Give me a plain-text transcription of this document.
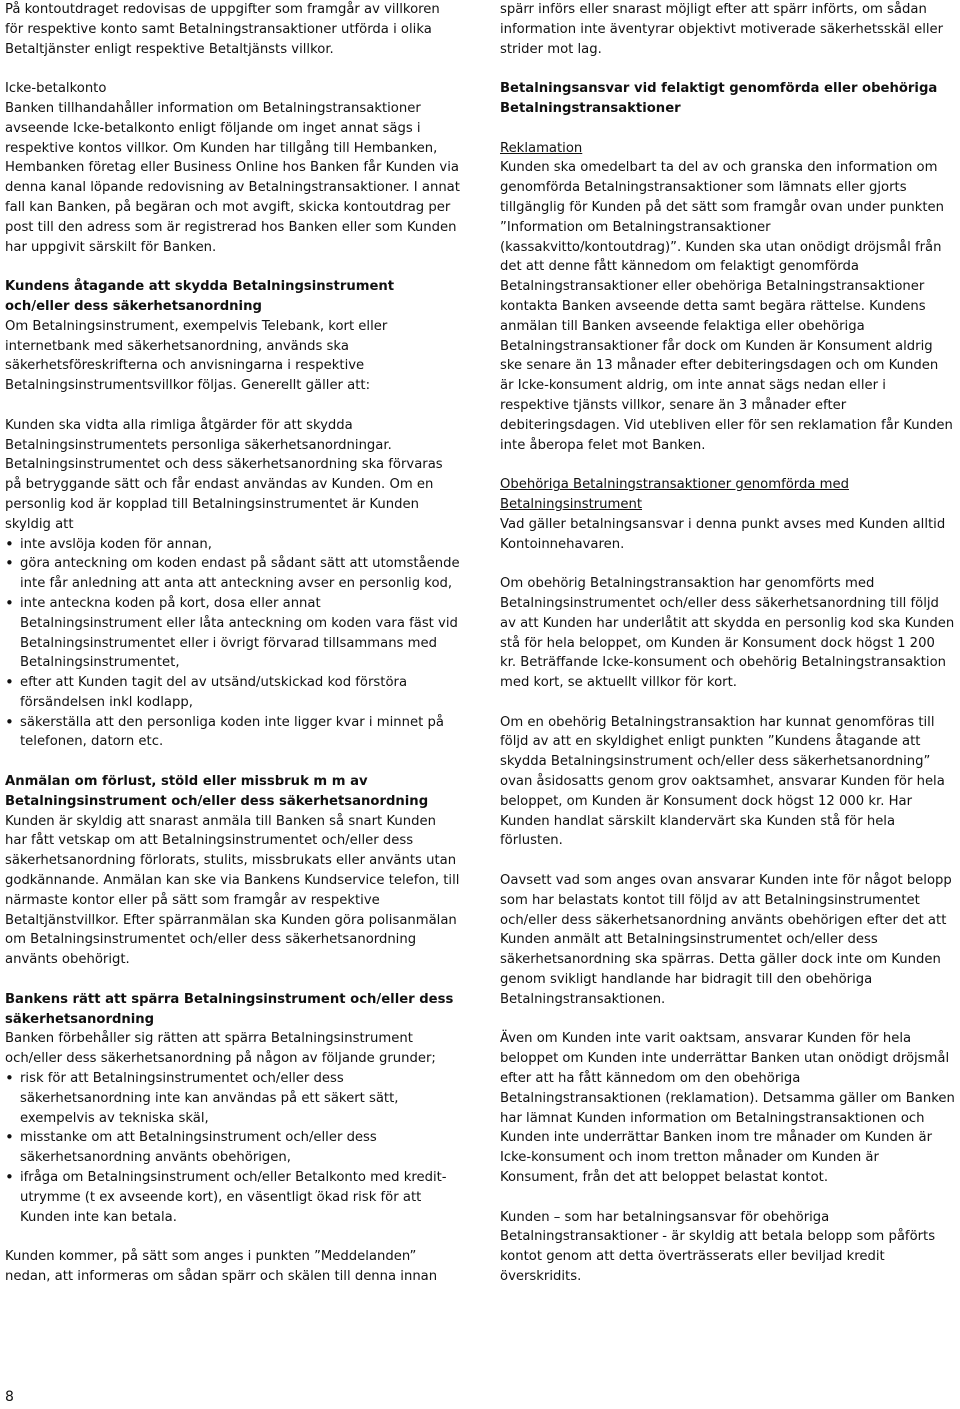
På kontoutdraget redovisas de uppgifter som framgår av villkoren för respektive konto samt Betalningstransaktioner utförda i olika Betaltjänster enligt respektive Betaltjänsts villkor.

Icke-betalkonto
Banken tillhandahåller information om Betalningstransaktioner avseende Icke-betalkonto enligt följande om inget annat sägs i respektive kontos villkor. Om Kunden har tillgång till Hembanken, Hembanken företag eller Business Online hos Banken får Kunden via denna kanal löpande redovisning av Betalningstransaktioner. I annat fall kan Banken, på begäran och mot avgift, skicka kontoutdrag per post till den adress som är registrerad hos Banken eller som Kunden har uppgivit särskilt för Banken.

Kundens åtagande att skydda Betalningsinstrument och/eller dess säkerhetsanordning
Om Betalningsinstrument, exempelvis Telebank, kort eller internetbank med säkerhetsanordning, används ska säkerhetsföreskrifterna och anvisningarna i respektive Betalningsinstrumentsvillkor följas. Generellt gäller att:

Kunden ska vidta alla rimliga åtgärder för att skydda Betalningsinstrumentets personliga säkerhetsanordningar. Betalningsinstrumentet och dess säkerhetsanordning ska förvaras på betryggande sätt och får endast användas av Kunden. Om en personlig kod är kopplad till Betalningsinstrumentet är Kunden skyldig att
• inte avslöja koden för annan,
• göra anteckning om koden endast på sådant sätt att utomstående inte får anledning att anta att anteckning avser en personlig kod,
• inte anteckna koden på kort, dosa eller annat Betalningsinstrument eller låta anteckning om koden vara fäst vid Betalningsinstrumentet eller i övrigt förvarad tillsammans med Betalningsinstrumentet,
• efter att Kunden tagit del av utsänd/utskickad kod förstöra försändelsen inkl kodlapp,
• säkerställa att den personliga koden inte ligger kvar i minnet på telefonen, datorn etc.

Anmälan om förlust, stöld eller missbruk m m av Betalningsinstrument och/eller dess säkerhetsanordning
Kunden är skyldig att snarast anmäla till Banken så snart Kunden har fått vetskap om att Betalningsinstrumentet och/eller dess säkerhetsanordning förlorats, stulits, missbrukats eller använts utan godkännande. Anmälan kan ske via Bankens Kundservice telefon, till närmaste kontor eller på sätt som framgår av respektive Betaltjänstvillkor. Efter spärranmälan ska Kunden göra polisanmälan om Betalningsinstrumentet och/eller dess säkerhetsanordning använts obehörigt.

Bankens rätt att spärra Betalningsinstrument och/eller dess säkerhetsanordning
Banken förbehåller sig rätten att spärra Betalningsinstrument och/eller dess säkerhetsanordning på någon av följande grunder;
• risk för att Betalningsinstrumentet och/eller dess säkerhetsanordning inte kan användas på ett säkert sätt, exempelvis av tekniska skäl,
• misstanke om att Betalningsinstrument och/eller dess säkerhetsanordning använts obehörigen,
• ifråga om Betalningsinstrument och/eller Betalkonto med kreditutrymme (t ex avseende kort), en väsentligt ökad risk för att Kunden inte kan betala.

Kunden kommer, på sätt som anges i punkten ”Meddelanden” nedan, att informeras om sådan spärr och skälen till denna innan

spärr införs eller snarast möjligt efter att spärr införts, om sådan information inte äventyrar objektivt motiverade säkerhetsskäl eller strider mot lag.

Betalningsansvar vid felaktigt genomförda eller obehöriga Betalningstransaktioner

Reklamation
Kunden ska omedelbart ta del av och granska den information om genomförda Betalningstransaktioner som lämnats eller gjorts tillgänglig för Kunden på det sätt som framgår ovan under punkten ”Information om Betalningstransaktioner (kassakvitto/kontoutdrag)”. Kunden ska utan onödigt dröjsmål från det att denne fått kännedom om felaktigt genomförda Betalningstransaktioner eller obehöriga Betalningstransaktioner kontakta Banken avseende detta samt begära rättelse. Kundens anmälan till Banken avseende felaktiga eller obehöriga Betalningstransaktioner får dock om Kunden är Konsument aldrig ske senare än 13 månader efter debiteringsdagen och om Kunden är Icke-konsument aldrig, om inte annat sägs nedan eller i respektive tjänsts villkor, senare än 3 månader efter debiteringsdagen. Vid utebliven eller för sen reklamation får Kunden inte åberopa felet mot Banken.

Obehöriga Betalningstransaktioner genomförda med Betalningsinstrument
Vad gäller betalningsansvar i denna punkt avses med Kunden alltid Kontoinnehavaren.

Om obehörig Betalningstransaktion har genomförts med Betalningsinstrumentet och/eller dess säkerhetsanordning till följd av att Kunden har underlåtit att skydda en personlig kod ska Kunden stå för hela beloppet, om Kunden är Konsument dock högst 1 200 kr. Beträffande Icke-konsument och obehörig Betalningstransaktion med kort, se aktuellt villkor för kort.

Om en obehörig Betalningstransaktion har kunnat genomföras till följd av att en skyldighet enligt punkten ”Kundens åtagande att skydda Betalningsinstrument och/eller dess säkerhetsanordning” ovan åsidosatts genom grov oaktsamhet, ansvarar Kunden för hela beloppet, om Kunden är Konsument dock högst 12 000 kr. Har Kunden handlat särskilt klandervärt ska Kunden stå för hela förlusten.

Oavsett vad som anges ovan ansvarar Kunden inte för något belopp som har belastats kontot till följd av att Betalningsinstrumentet och/eller dess säkerhetsanordning använts obehörigen efter det att Kunden anmält att Betalningsinstrumentet och/eller dess säkerhetsanordning ska spärras. Detta gäller dock inte om Kunden genom svikligt handlande har bidragit till den obehöriga Betalningstransaktionen.

Även om Kunden inte varit oaktsam, ansvarar Kunden för hela beloppet om Kunden inte underrättar Banken utan onödigt dröjsmål efter att ha fått kännedom om den obehöriga Betalningstransaktionen (reklamation). Detsamma gäller om Banken har lämnat Kunden information om Betalningstransaktionen och Kunden inte underrättar Banken inom tre månader om Kunden är Icke-konsument och inom tretton månader om Kunden är Konsument, från det att beloppet belastat kontot.

Kunden – som har betalningsansvar för obehöriga Betalningstransaktioner - är skyldig att betala belopp som påförts kontot genom att detta överträsserats eller beviljad kredit överskridits.

8
